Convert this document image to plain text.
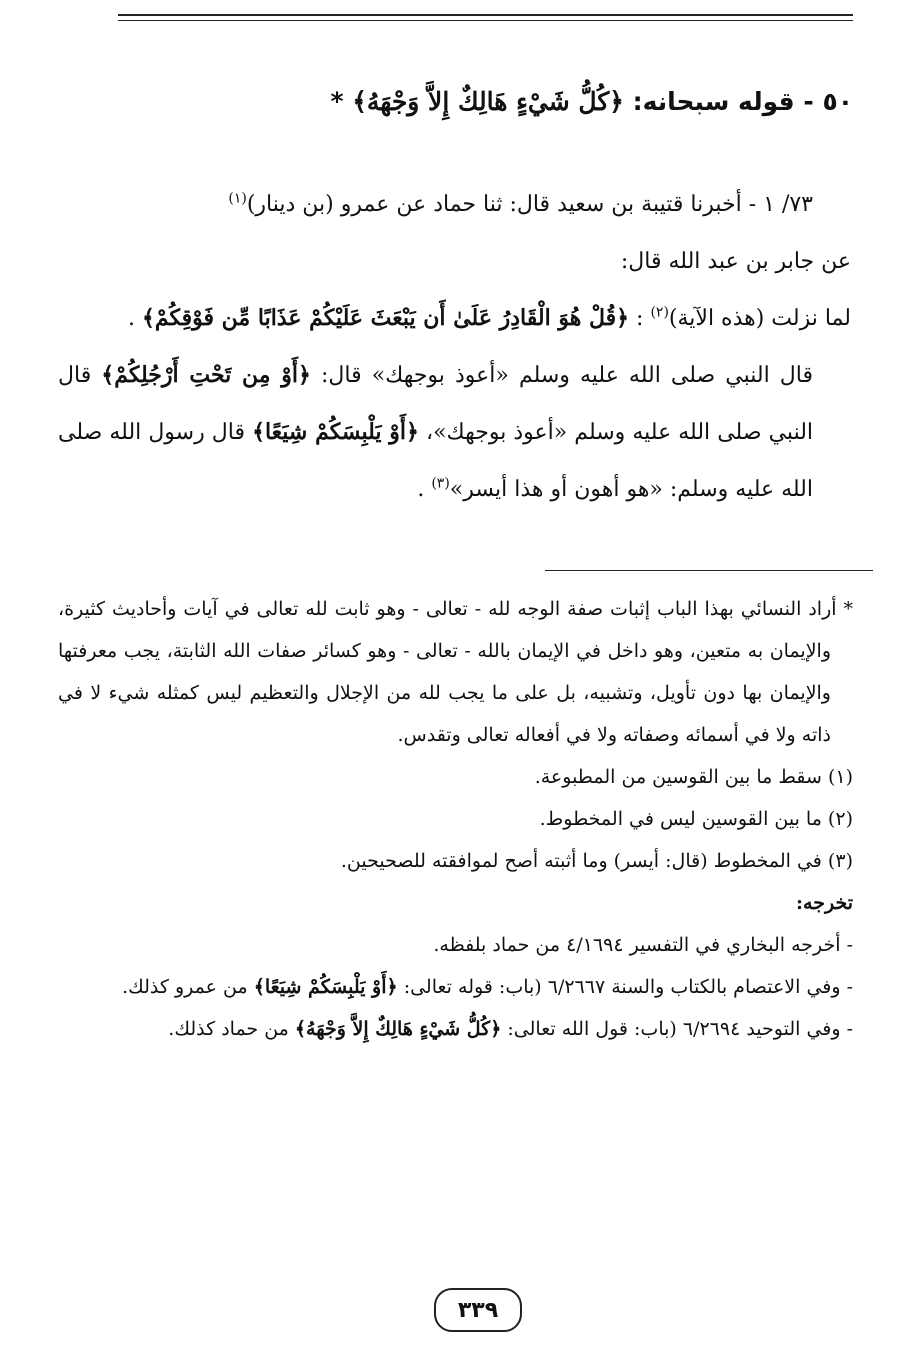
٥٠ - قوله سبحانه: ﴿كُلُّ شَيْءٍ هَالِكٌ إِلاَّ وَجْهَهُ﴾ *

٧٣/ ١ - أخبرنا قتيبة بن سعيد قال: ثنا حماد عن عمرو (بن دينار)$^{(١)}$

عن جابر بن عبد الله قال:

لما نزلت (هذه الآية)$^{(٢)}$ : ﴿قُلْ هُوَ الْقَادِرُ عَلَىٰ أَن يَبْعَثَ عَلَيْكُمْ عَذَابًا مِّن فَوْقِكُمْ﴾ .

قال النبي صلى الله عليه وسلم «أعوذ بوجهك» قال: ﴿أَوْ مِن تَحْتِ أَرْجُلِكُمْ﴾ قال النبي صلى الله عليه وسلم «أعوذ بوجهك»، ﴿أَوْ يَلْبِسَكُمْ شِيَعًا﴾ قال رسول الله صلى الله عليه وسلم: «هو أهون أو هذا أيسر»$^{(٣)}$ .

* أراد النسائي بهذا الباب إثبات صفة الوجه لله - تعالى - وهو ثابت لله تعالى في آيات وأحاديث كثيرة، والإيمان به متعين، وهو داخل في الإيمان بالله - تعالى - وهو كسائر صفات الله الثابتة، يجب معرفتها والإيمان بها دون تأويل، وتشبيه، بل على ما يجب لله من الإجلال والتعظيم ليس كمثله شيء لا في ذاته ولا في أسمائه وصفاته ولا في أفعاله تعالى وتقدس.

(١) سقط ما بين القوسين من المطبوعة.

(٢) ما بين القوسين ليس في المخطوط.

(٣) في المخطوط (قال: أيسر) وما أثبته أصح لموافقته للصحيحين.

تخرجه:

- أخرجه البخاري في التفسير ٤/١٦٩٤ من حماد بلفظه.

- وفي الاعتصام بالكتاب والسنة ٦/٢٦٦٧ (باب: قوله تعالى: ﴿أَوْ يَلْبِسَكُمْ شِيَعًا﴾ من عمرو كذلك.

- وفي التوحيد ٦/٢٦٩٤ (باب: قول الله تعالى: ﴿كُلُّ شَيْءٍ هَالِكٌ إِلاَّ وَجْهَهُ﴾ من حماد كذلك.

٣٣٩
